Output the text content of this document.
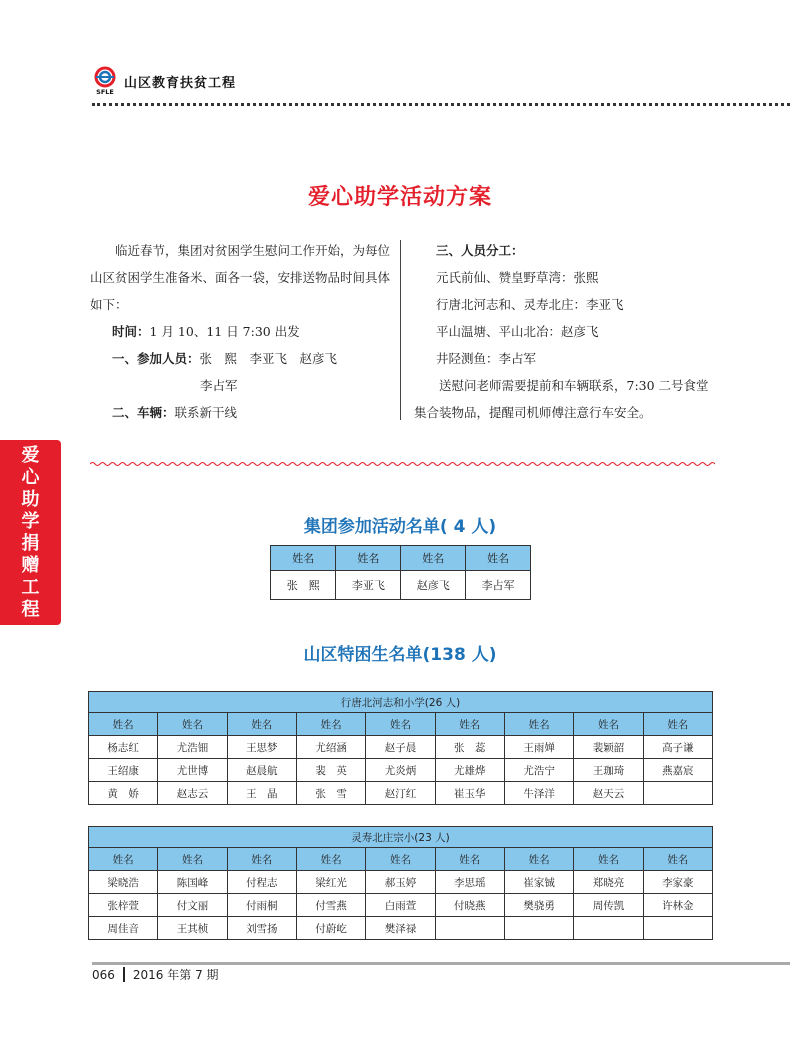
SFLE
山区教育扶贫工程
爱
心
助
学
捐
赠
工
程
爱心助学活动方案

临近春节，集团对贫困学生慰问工作开始，为每位山区贫困学生准备米、面各一袋，安排送物品时间具体如下：

时间：1 月 10、11 日 7:30 出发

一、参加人员：张　熙　李亚飞　赵彦飞

李占军

二、车辆：联系新干线

三、人员分工：

元氏前仙、赞皇野草湾：张熙

行唐北河志和、灵寿北庄：李亚飞

平山温塘、平山北冶：赵彦飞

井陉测鱼：李占军

送慰问老师需要提前和车辆联系，7:30 二号食堂集合装物品，提醒司机师傅注意行车安全。

集团参加活动名单( 4 人)
姓名	姓名	姓名	姓名
张　熙	李亚飞	赵彦飞	李占军
山区特困生名单(138 人)
行唐北河志和小学(26 人)								
姓名	姓名	姓名	姓名	姓名	姓名	姓名	姓名	姓名
杨志红	尤浩钿	王思梦	尤绍涵	赵子晨	张　蕊	王雨婵	裴颖韶	高子谦
王绍康	尤世博	赵晨航	裴　英	尤炎炳	尤雄烨	尤浩宁	王珈琦	燕嘉宸
黄　娇	赵志云	王　晶	张　雪	赵汀红	崔玉华	牛泽洋	赵天云	
灵寿北庄宗小(23 人)								
姓名	姓名	姓名	姓名	姓名	姓名	姓名	姓名	姓名
梁晓浩	陈国峰	付程志	梁红光	郝玉婷	李思瑶	崔家铖	郑晓亮	李家豪
张梓萱	付文丽	付雨桐	付雪燕	白雨萱	付晓燕	樊骁勇	周传凯	许林金
周佳音	王其桢	刘雪扬	付蔚屹	樊泽禄				
066 2016 年第 7 期
